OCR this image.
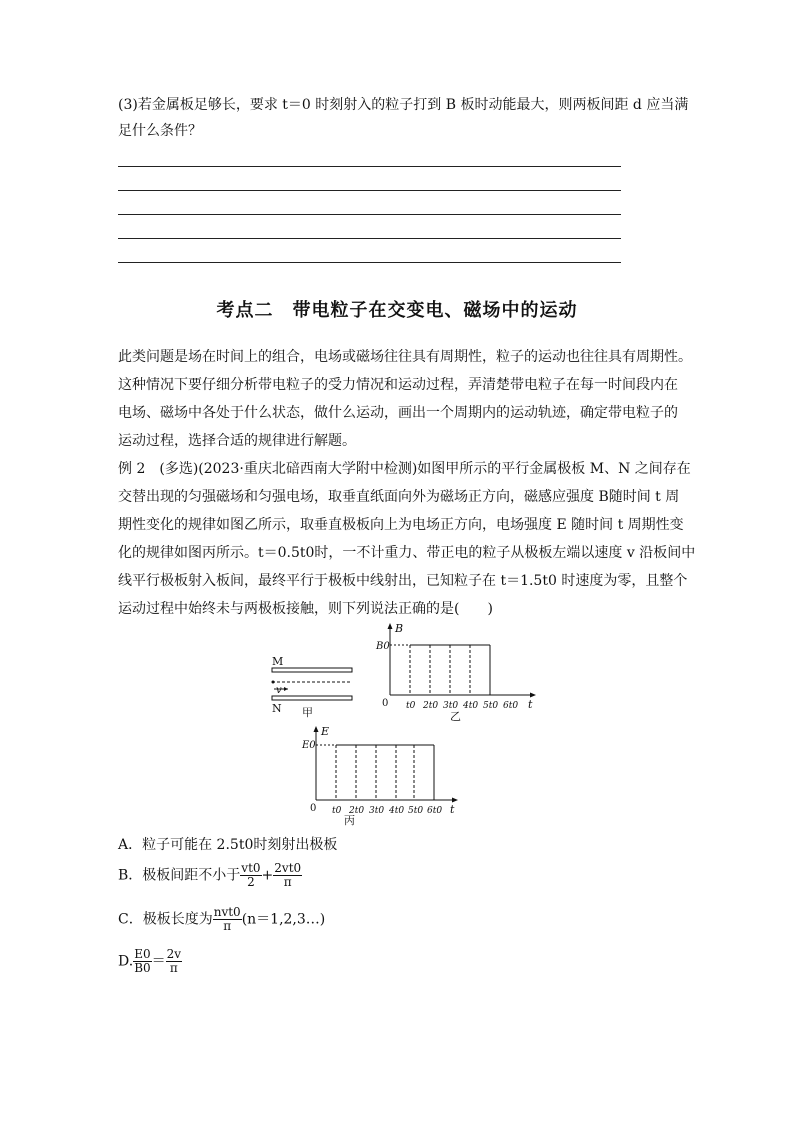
(3)若金属板足够长，要求 t＝0 时刻射入的粒子打到 B 板时动能最大，则两板间距 d 应当满
足什么条件？
考点二　带电粒子在交变电、磁场中的运动

此类问题是场在时间上的组合，电场或磁场往往具有周期性，粒子的运动也往往具有周期性。

这种情况下要仔细分析带电粒子的受力情况和运动过程，弄清楚带电粒子在每一时间段内在

电场、磁场中各处于什么状态，做什么运动，画出一个周期内的运动轨迹，确定带电粒子的

运动过程，选择合适的规律进行解题。

例 2　 (多选)(2023·重庆北碚西南大学附中检测)如图甲所示的平行金属极板 M、N 之间存在

交替出现的匀强磁场和匀强电场，取垂直纸面向外为磁场正方向，磁感应强度 B随时间 t 周

期性变化的规律如图乙所示，取垂直极板向上为电场正方向，电场强度 E 随时间 t 周期性变

化的规律如图丙所示。t＝0.5t0时，一不计重力、带正电的粒子从极板左端以速度 v 沿板间中

线平行极板射入板间，最终平行于极板中线射出，已知粒子在 t＝1.5t0 时速度为零，且整个

运动过程中始终未与两极板接触，则下列说法正确的是(　　)

M
v
N 甲
B
t
B0
0 t0 2t0 3t0 4t0 5t0 6t0
乙
E
t
E0
0 t0 2t0 3t0 4t0 5t0 6t0
丙
A．粒子可能在 2.5t0时刻射出极板
B．极板间距不小于 $\frac{vt0}{2} + \frac{2vt0}{\pi}$
C．极板长度为 $\frac{\text{nvt0}}{\pi}$ (n＝1,2,3…)
D. $\frac{E0}{B0} = \frac{2v}{\pi}$
